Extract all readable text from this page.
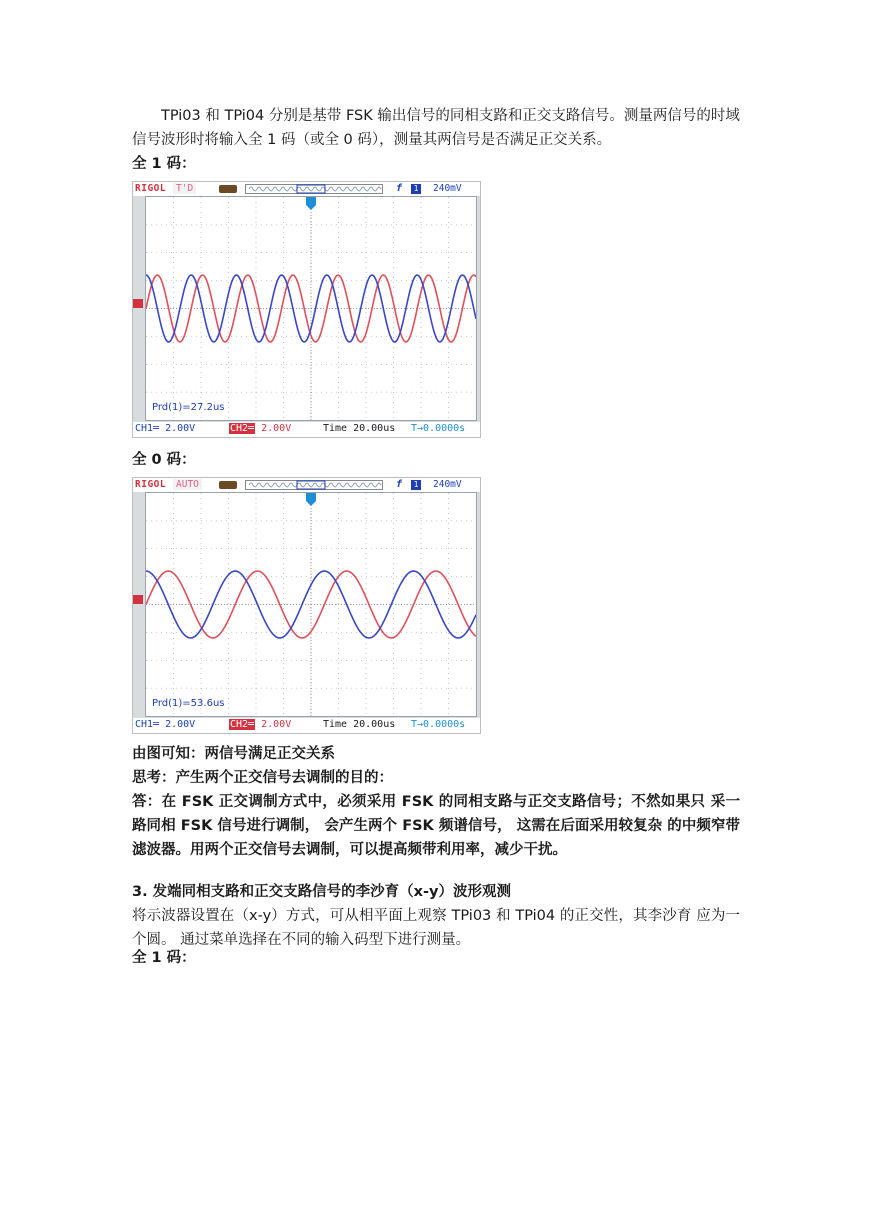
TPi03 和 TPi04 分别是基带 FSK 输出信号的同相支路和正交支路信号。测量两信号的时域信号波形时将输入全 1 码（或全 0 码），测量其两信号是否满足正交关系。
全 1 码：
RIGOL	T'D	f	1 240mV
Prd(1)=27.2us
CH1═ 2.00V	CH2═ 2.00V	Time 20.00us T→0.0000s
全 0 码：
RIGOL	AUTO	f	1 240mV
Prd(1)=53.6us
CH1═ 2.00V	CH2═ 2.00V	Time 20.00us T→0.0000s
由图可知：两信号满足正交关系
思考：产生两个正交信号去调制的目的：
答：在 FSK 正交调制方式中，必须采用 FSK 的同相支路与正交支路信号；不然如果只 采一路同相 FSK 信号进行调制， 会产生两个 FSK 频谱信号， 这需在后面采用较复杂 的中频窄带滤波器。用两个正交信号去调制，可以提高频带利用率，减少干扰。
3. 发端同相支路和正交支路信号的李沙育（x-y）波形观测
将示波器设置在（x-y）方式，可从相平面上观察 TPi03 和 TPi04 的正交性，其李沙育 应为一个圆。 通过菜单选择在不同的输入码型下进行测量。
全 1 码：
